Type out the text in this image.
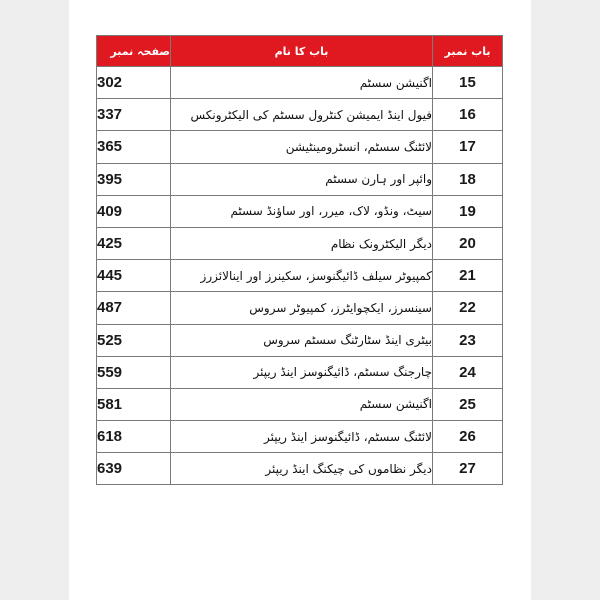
صفحہ نمبر	باب کا نام	باب نمبر
302	اگنیشن سسٹم	15
337	فیول اینڈ ایمیشن کنٹرول سسٹم کی الیکٹرونکس	16
365	لائٹنگ سسٹم، انسٹرومینٹیشن	17
395	وائپر اور ہارن سسٹم	18
409	سیٹ، ونڈو، لاک، میرر، اور ساؤنڈ سسٹم	19
425	دیگر الیکٹرونک نظام	20
445	کمپیوٹر سیلف ڈائیگنوسز، سکینرز اور اینالائزرز	21
487	سینسرز، ایکچوایٹرز، کمپیوٹر سروس	22
525	بیٹری اینڈ سٹارٹنگ سسٹم سروس	23
559	چارجنگ سسٹم، ڈائیگنوسز اینڈ ریپئر	24
581	اگنیشن سسٹم	25
618	لائٹنگ سسٹم، ڈائیگنوسز اینڈ ریپئر	26
639	دیگر نظاموں کی چیکنگ اینڈ ریپئر	27
